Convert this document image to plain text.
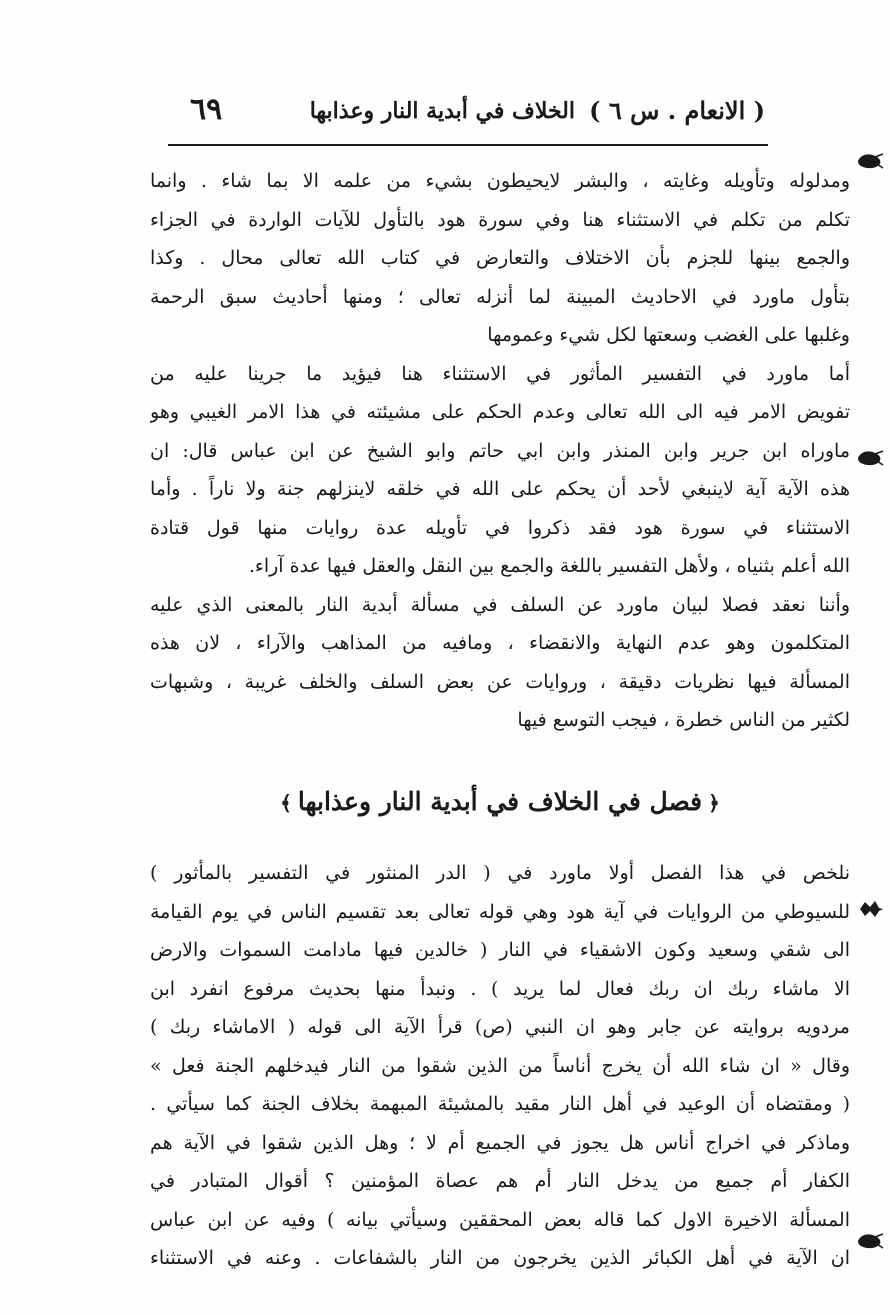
( الانعام . س ٦ )
الخلاف في أبدية النار وعذابها
٦٩
ومدلوله وتأويله وغايته ، والبشر لايحيطون بشيء من علمه الا بما شاء . وانما
تكلم من تكلم في الاستثناء هنا وفي سورة هود بالتأول للآيات الواردة في الجزاء
والجمع بينها للجزم بأن الاختلاف والتعارض في كتاب الله تعالى محال . وكذا
بتأول ماورد في الاحاديث المبينة لما أنزله تعالى ؛ ومنها أحاديث سبق الرحمة
وغلبها على الغضب وسعتها لكل شيء وعمومها
أما ماورد في التفسير المأثور في الاستثناء هنا فيؤيد ما جرينا عليه من
تفويض الامر فيه الى الله تعالى وعدم الحكم على مشيئته في هذا الامر الغيبي وهو
ماوراه ابن جرير وابن المنذر وابن ابي حاتم وابو الشيخ عن ابن عباس قال: ان
هذه الآية آية لاينبغي لأحد أن يحكم على الله في خلقه لاينزلهم جنة ولا ناراً . وأما
الاستثناء في سورة هود فقد ذكروا في تأويله عدة روايات منها قول قتادة
الله أعلم بثنياه ، ولأهل التفسير باللغة والجمع بين النقل والعقل فيها عدة آراء.
وأننا نعقد فصلا لبيان ماورد عن السلف في مسألة أبدية النار بالمعنى الذي عليه
المتكلمون وهو عدم النهاية والانقضاء ، ومافيه من المذاهب والآراء ، لان هذه
المسألة فيها نظريات دقيقة ، وروايات عن بعض السلف والخلف غريبة ، وشبهات
لكثير من الناس خطرة ، فيجب التوسع فيها
﴿فصل في الخلاف في أبدية النار وعذابها﴾
نلخص في هذا الفصل أولا ماورد في ( الدر المنثور في التفسير بالمأثور )
للسيوطي من الروايات في آية هود وهي قوله تعالى بعد تقسيم الناس في يوم القيامة
الى شقي وسعيد وكون الاشقياء في النار ( خالدين فيها مادامت السموات والارض
الا ماشاء ربك ان ربك فعال لما يريد ) . ونبدأ منها بحديث مرفوع انفرد ابن
مردويه بروايته عن جابر وهو ان النبي (ص) قرأ الآية الى قوله ( الاماشاء ربك )
وقال « ان شاء الله أن يخرج أناساً من الذين شقوا من النار فيدخلهم الجنة فعل »
( ومقتضاه أن الوعيد في أهل النار مقيد بالمشيئة المبهمة بخلاف الجنة كما سيأتي .
وماذكر في اخراج أناس هل يجوز في الجميع أم لا ؛ وهل الذين شقوا في الآية هم
الكفار أم جميع من يدخل النار أم هم عصاة المؤمنين ؟ أقوال المتبادر في
المسألة الاخيرة الاول كما قاله بعض المحققين وسيأتي بيانه ) وفيه عن ابن عباس
ان الآية في أهل الكبائر الذين يخرجون من النار بالشفاعات . وعنه في الاستثناء
